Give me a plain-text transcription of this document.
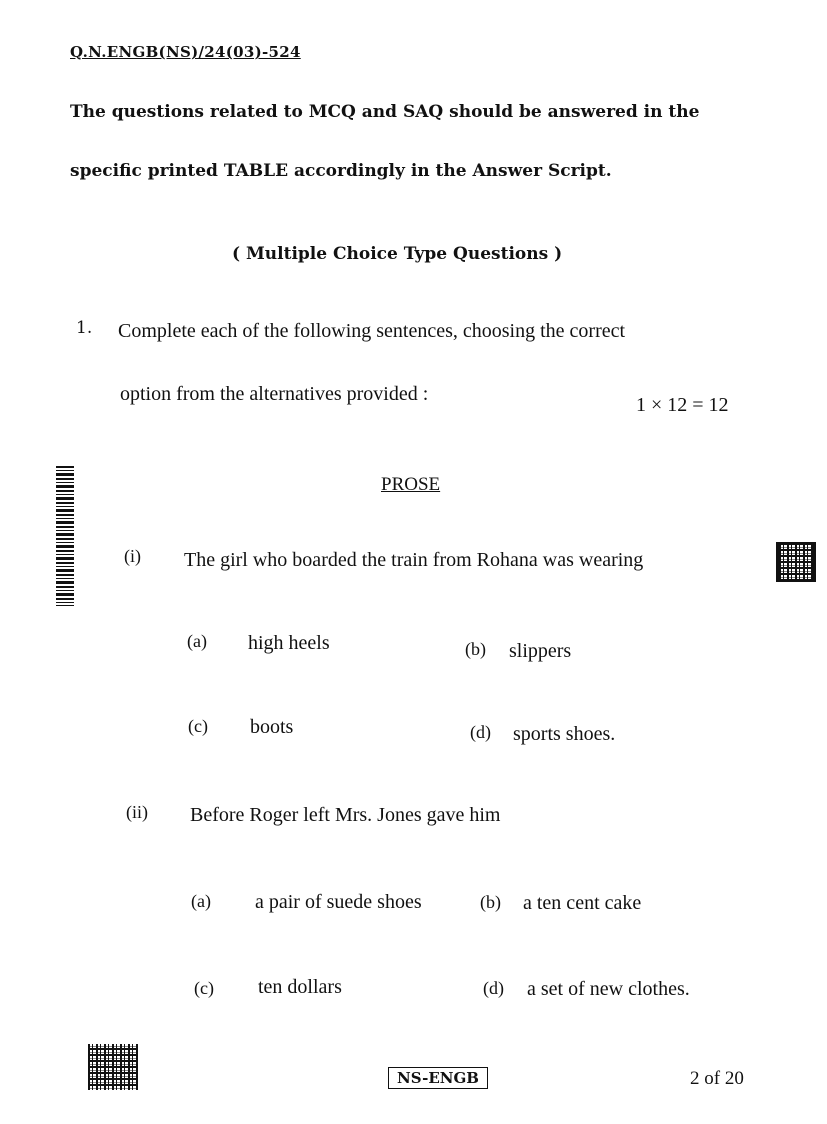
Q.N.ENGB(NS)/24(03)-524
The questions related to MCQ and SAQ should be answered in the
specific printed TABLE accordingly in the Answer Script.
( Multiple Choice Type Questions )
1. Complete each of the following sentences, choosing the correct
option from the alternatives provided :	1 × 12 = 12
PROSE
(i) The girl who boarded the train from Rohana was wearing
(a) high heels	(b) slippers
(c) boots	(d) sports shoes.
(ii) Before Roger left Mrs. Jones gave him
(a) a pair of suede shoes	(b) a ten cent cake
(c) ten dollars	(d) a set of new clothes.
NS-ENGB	2 of 20
